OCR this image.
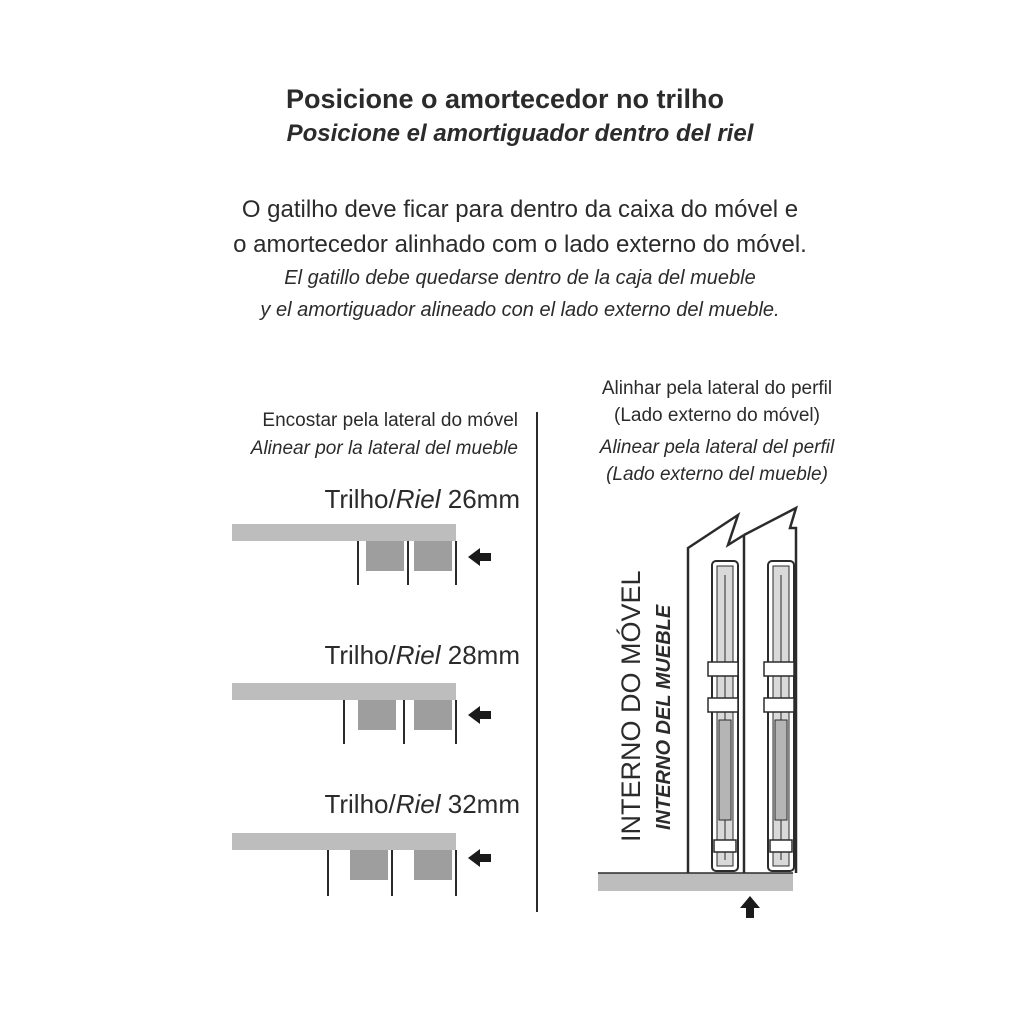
Posicione o amortecedor no trilho
Posicione el amortiguador dentro del riel
O gatilho deve ficar para dentro da caixa do móvel e
o amortecedor alinhado com o lado externo do móvel.
El gatillo debe quedarse dentro de la caja del mueble
y el amortiguador alineado con el lado externo del mueble.
Encostar pela lateral do móvel
Alinear por la lateral del mueble
Alinhar pela lateral do perfil
(Lado externo do móvel)
Alinear pela lateral del perfil
(Lado externo del mueble)
Trilho/Riel 26mm
Trilho/Riel 28mm
Trilho/Riel 32mm	INTERNO DO MÓVEL INTERNO DEL MUEBLE
